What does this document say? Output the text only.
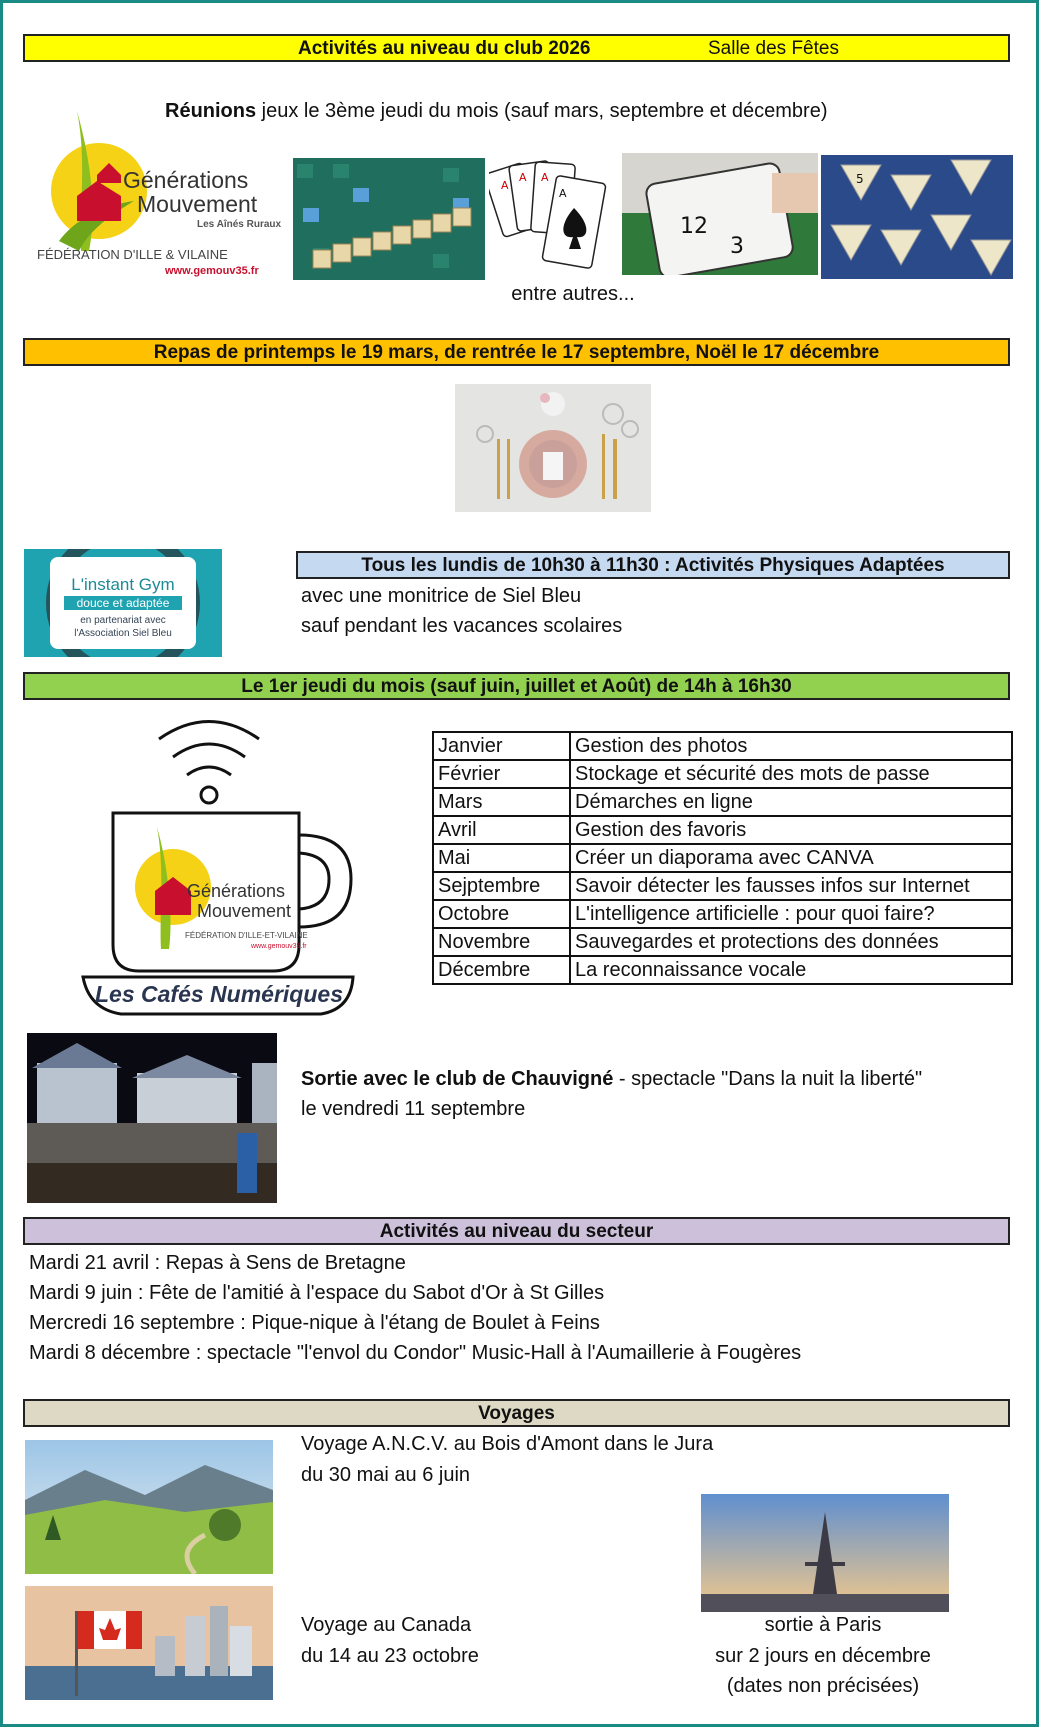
Activités au niveau du club 2026	Salle des Fêtes
Générations
Mouvement
Les Aînés Ruraux
FÉDÉRATION D'ILLE & VILAINE
www.gemouv35.fr
Réunions jeux le 3ème jeudi du mois (sauf mars, septembre et décembre)
A
A A
A
12
3
5
entre autres...
Repas de printemps le 19 mars, de rentrée le 17 septembre, Noël le 17 décembre
L'instant Gym
douce et adaptée
en partenariat avec
l'Association Siel Bleu
Tous les lundis de 10h30 à 11h30 : Activités Physiques Adaptées
avec une monitrice de Siel Bleu
sauf pendant les vacances scolaires
Le 1er jeudi du mois (sauf juin, juillet et Août) de 14h à 16h30
Générations
Mouvement
FÉDÉRATION D'ILLE-ET-VILAINE
www.gemouv35.fr
Les Cafés Numériques
Janvier	Gestion des photos
Février	Stockage et sécurité des mots de passe
Mars	Démarches en ligne
Avril	Gestion des favoris
Mai	Créer un diaporama avec CANVA
Sejptembre	Savoir détecter les fausses infos sur Internet
Octobre	L'intelligence artificielle : pour quoi faire?
Novembre	Sauvegardes et protections des données
Décembre	La reconnaissance vocale
Sortie avec le club de Chauvigné - spectacle "Dans la nuit la liberté"
le vendredi 11 septembre
Activités au niveau du secteur
Mardi 21 avril : Repas à Sens de Bretagne
Mardi 9 juin : Fête de l'amitié à l'espace du Sabot d'Or à St Gilles
Mercredi 16 septembre : Pique-nique à l'étang de Boulet à Feins
Mardi 8 décembre : spectacle "l'envol du Condor" Music-Hall à l'Aumaillerie à Fougères
Voyages
Voyage A.N.C.V. au Bois d'Amont dans le Jura
du 30 mai au 6 juin
Voyage au Canada
du 14 au 23 octobre
sortie à Paris
sur 2 jours en décembre
(dates non précisées)
